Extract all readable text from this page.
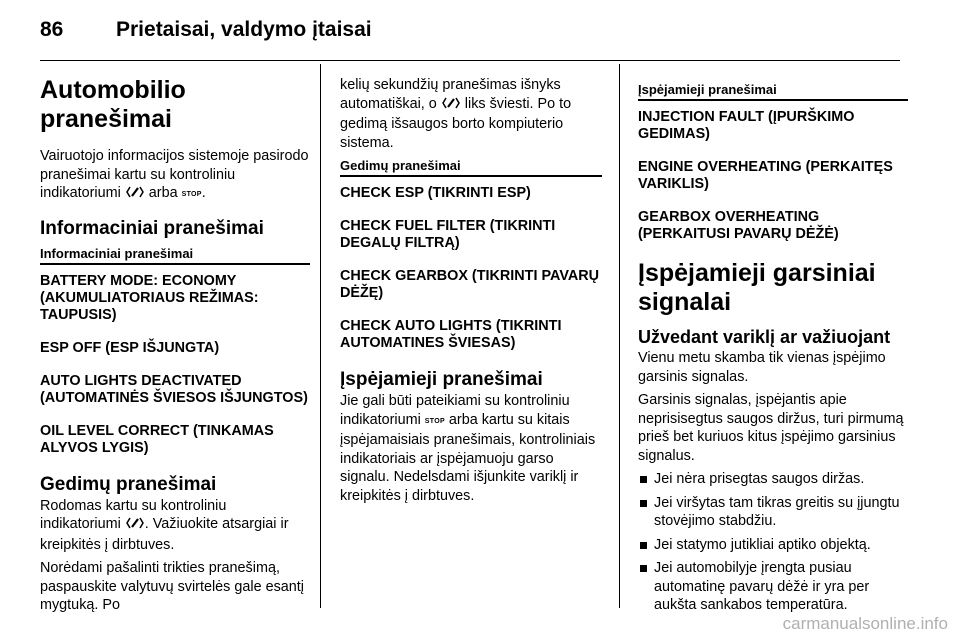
86	Prietaisai, valdymo įtaisai
Automobilio pranešimai

Vairuotojo informacijos sistemoje pasirodo pranešimai kartu su kontroliniu indikatoriumi arba STOP.

Informaciniai pranešimai
Informaciniai pranešimai
BATTERY MODE: ECONOMY (AKUMULIATORIAUS REŽIMAS: TAUPUSIS)
ESP OFF (ESP IŠJUNGTA)
AUTO LIGHTS DEACTIVATED (AUTOMATINĖS ŠVIESOS IŠJUNGTOS)
OIL LEVEL CORRECT (TINKAMAS ALYVOS LYGIS)
Gedimų pranešimai

Rodomas kartu su kontroliniu indikatoriumi . Važiuokite atsargiai ir kreipkitės į dirbtuves.

Norėdami pašalinti trikties pranešimą, paspauskite valytuvų svirtelės gale esantį mygtuką. Po

kelių sekundžių pranešimas išnyks automatiškai, o liks šviesti. Po to gedimą išsaugos borto kompiuterio sistema.

Gedimų pranešimai
CHECK ESP (TIKRINTI ESP)
CHECK FUEL FILTER (TIKRINTI DEGALŲ FILTRĄ)
CHECK GEARBOX (TIKRINTI PAVARŲ DĖŽĘ)
CHECK AUTO LIGHTS (TIKRINTI AUTOMATINES ŠVIESAS)
Įspėjamieji pranešimai

Jie gali būti pateikiami su kontroliniu indikatoriumi STOP arba kartu su kitais įspėjamaisiais pranešimais, kontroliniais indikatoriais ar įspėjamuoju garso signalu. Nedelsdami išjunkite variklį ir kreipkitės į dirbtuves.

Įspėjamieji pranešimai
INJECTION FAULT (ĮPURŠKIMO GEDIMAS)
ENGINE OVERHEATING (PERKAITĘS VARIKLIS)
GEARBOX OVERHEATING (PERKAITUSI PAVARŲ DĖŽĖ)
Įspėjamieji garsiniai signalai
Užvedant variklį ar važiuojant

Vienu metu skamba tik vienas įspėjimo garsinis signalas.

Garsinis signalas, įspėjantis apie neprisisegtus saugos diržus, turi pirmumą prieš bet kuriuos kitus įspėjimo garsinius signalus.

Jei nėra prisegtas saugos diržas.
Jei viršytas tam tikras greitis su įjungtu stovėjimo stabdžiu.
Jei statymo jutikliai aptiko objektą.
Jei automobilyje įrengta pusiau automatinę pavarų dėžė ir yra per aukšta sankabos temperatūra.
carmanualsonline.info
